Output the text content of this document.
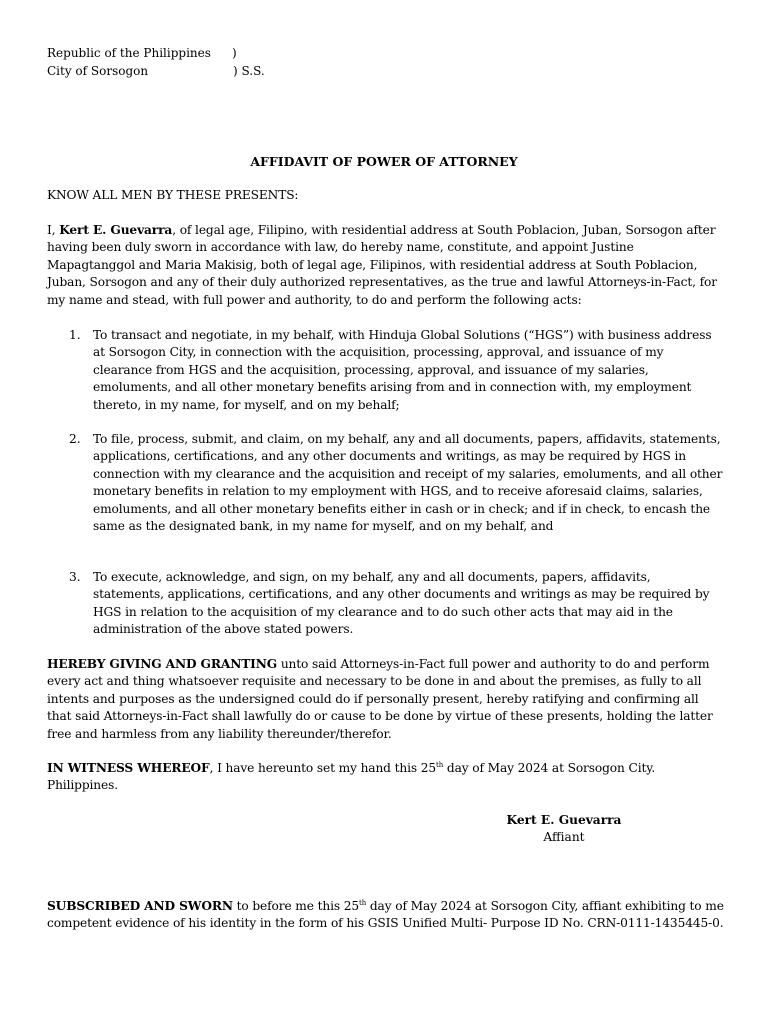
Republic of the Philippines )
City of Sorsogon	) S.S.
AFFIDAVIT OF POWER OF ATTORNEY
KNOW ALL MEN BY THESE PRESENTS:
I, Kert E. Guevarra, of legal age, Filipino, with residential address at South Poblacion, Juban, Sorsogon after having been duly sworn in accordance with law, do hereby name, constitute, and appoint Justine Mapagtanggol and Maria Makisig, both of legal age, Filipinos, with residential address at South Poblacion, Juban, Sorsogon and any of their duly authorized representatives, as the true and lawful Attorneys-in-Fact, for my name and stead, with full power and authority, to do and perform the following acts:
1. To transact and negotiate, in my behalf, with Hinduja Global Solutions (“HGS”) with business address at Sorsogon City, in connection with the acquisition, processing, approval, and issuance of my clearance from HGS and the acquisition, processing, approval, and issuance of my salaries, emoluments, and all other monetary benefits arising from and in connection with, my employment thereto, in my name, for myself, and on my behalf;
2. To file, process, submit, and claim, on my behalf, any and all documents, papers, affidavits, statements, applications, certifications, and any other documents and writings, as may be required by HGS in connection with my clearance and the acquisition and receipt of my salaries, emoluments, and all other monetary benefits in relation to my employment with HGS, and to receive aforesaid claims, salaries, emoluments, and all other monetary benefits either in cash or in check; and if in check, to encash the same as the designated bank, in my name for myself, and on my behalf, and
3. To execute, acknowledge, and sign, on my behalf, any and all documents, papers, affidavits, statements, applications, certifications, and any other documents and writings as may be required by HGS in relation to the acquisition of my clearance and to do such other acts that may aid in the administration of the above stated powers.
HEREBY GIVING AND GRANTING unto said Attorneys-in-Fact full power and authority to do and perform every act and thing whatsoever requisite and necessary to be done in and about the premises, as fully to all intents and purposes as the undersigned could do if personally present, hereby ratifying and confirming all that said Attorneys-in-Fact shall lawfully do or cause to be done by virtue of these presents, holding the latter free and harmless from any liability thereunder/therefor.
IN WITNESS WHEREOF, I have hereunto set my hand this 25th day of May 2024 at Sorsogon City. Philippines.
Kert E. Guevarra
Affiant
SUBSCRIBED AND SWORN to before me this 25th day of May 2024 at Sorsogon City, affiant exhibiting to me competent evidence of his identity in the form of his GSIS Unified Multi- Purpose ID No. CRN-0111-1435445-0.
